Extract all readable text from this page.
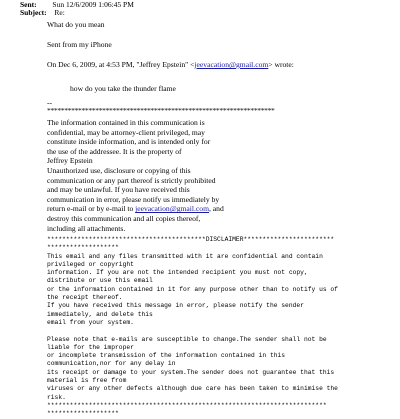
Sent: Sun 12/6/2009 1:06:45 PM
Subject: Re:
What do you mean
Sent from my iPhone
On Dec 6, 2009, at 4:53 PM, "Jeffrey Epstein" <jeevacation@gmail.com> wrote:
how do you take the thunder flame
--
******************************************************************
The information contained in this communication is
confidential, may be attorney-client privileged, may
constitute inside information, and is intended only for
the use of the addressee. It is the property of
Jeffrey Epstein
Unauthorized use, disclosure or copying of this
communication or any part thereof is strictly prohibited
and may be unlawful. If you have received this
communication in error, please notify us immediately by
return e-mail or by e-mail to jeevacation@gmail.com, and
destroy this communication and all copies thereof,
including all attachments.
******************************************DISCLAIMER************************
*******************
This email and any files transmitted with it are confidential and contain
privileged or copyright
information. If you are not the intended recipient you must not copy,
distribute or use this email
or the information contained in it for any purpose other than to notify us of
the receipt thereof.
If you have received this message in error, please notify the sender
immediately, and delete this
email from your system.
Please note that e-mails are susceptible to change.The sender shall not be
liable for the improper
or incomplete transmission of the information contained in this
communication,nor for any delay in
its receipt or damage to your system.The sender does not guarantee that this
material is free from
viruses or any other defects although due care has been taken to minimise the
risk.
**************************************************************************
*******************
